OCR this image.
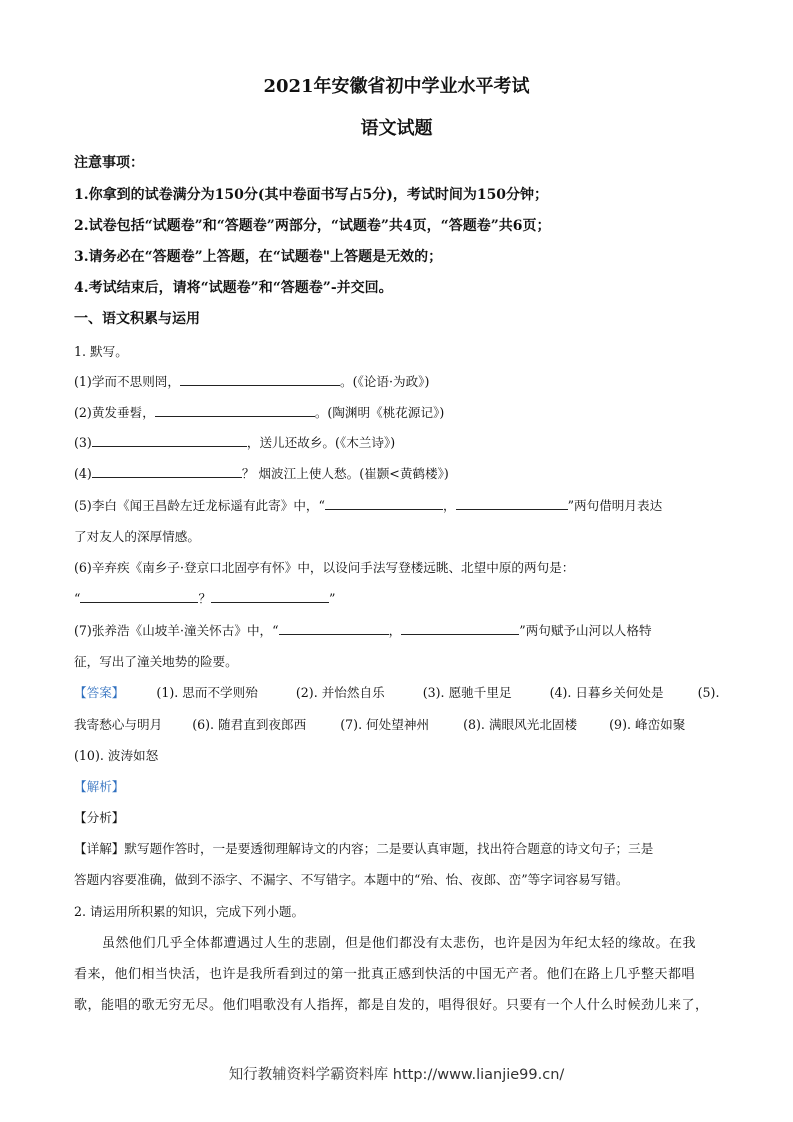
2021年安徽省初中学业水平考试
语文试题
注意事项：
1.你拿到的试卷满分为150分(其中卷面书写占5分)，考试时间为150分钟；
2.试卷包括“试题卷”和“答题卷”两部分，“试题卷”共4页，“答题卷”共6页；
3.请务必在“答题卷”上答题，在“试题卷"上答题是无效的；
4.考试结束后，请将“试题卷”和“答题卷”-并交回。
一、语文积累与运用
1. 默写。
(1)学而不思则罔，	。(《论语·为政》)
(2)黄发垂髫，	。(陶渊明《桃花源记》)
(3)	，送儿还故乡。(《木兰诗》)
(4)	？ 烟波江上使人愁。(崔颢<黄鹤楼》)
(5)李白《闻王昌龄左迁龙标遥有此寄》中，“	，	”两句借明月表达
了对友人的深厚情感。
(6)辛弃疾《南乡子·登京口北固亭有怀》中，以设问手法写登楼远眺、北望中原的两句是：
“	？	”
(7)张养浩《山坡羊·潼关怀古》中，“	，	”两句赋予山河以人格特
征，写出了潼关地势的险要。
【答案】	(1). 思而不学则殆	(2). 并怡然自乐	(3). 愿驰千里足	(4). 日暮乡关何处是	(5).
我寄愁心与明月 (6). 随君直到夜郎西	(7). 何处望神州	(8). 满眼风光北固楼	(9). 峰峦如聚
(10). 波涛如怒
【解析】
【分析】
【详解】默写题作答时，一是要透彻理解诗文的内容；二是要认真审题，找出符合题意的诗文句子；三是
答题内容要准确，做到不添字、不漏字、不写错字。本题中的“殆、怡、夜郎、峦”等字词容易写错。
2. 请运用所积累的知识，完成下列小题。
虽然他们几乎全体都遭遇过人生的悲剧，但是他们都没有太悲伤，也许是因为年纪太轻的缘故。在我
看来，他们相当快活，也许是我所看到过的第一批真正感到快活的中国无产者。他们在路上几乎整天都唱
歌，能唱的歌无穷无尽。他们唱歌没有人指挥，都是自发的，唱得很好。只要有一个人什么时候劲儿来了，
知行教辅资料学霸资料库 http://www.lianjie99.cn/
